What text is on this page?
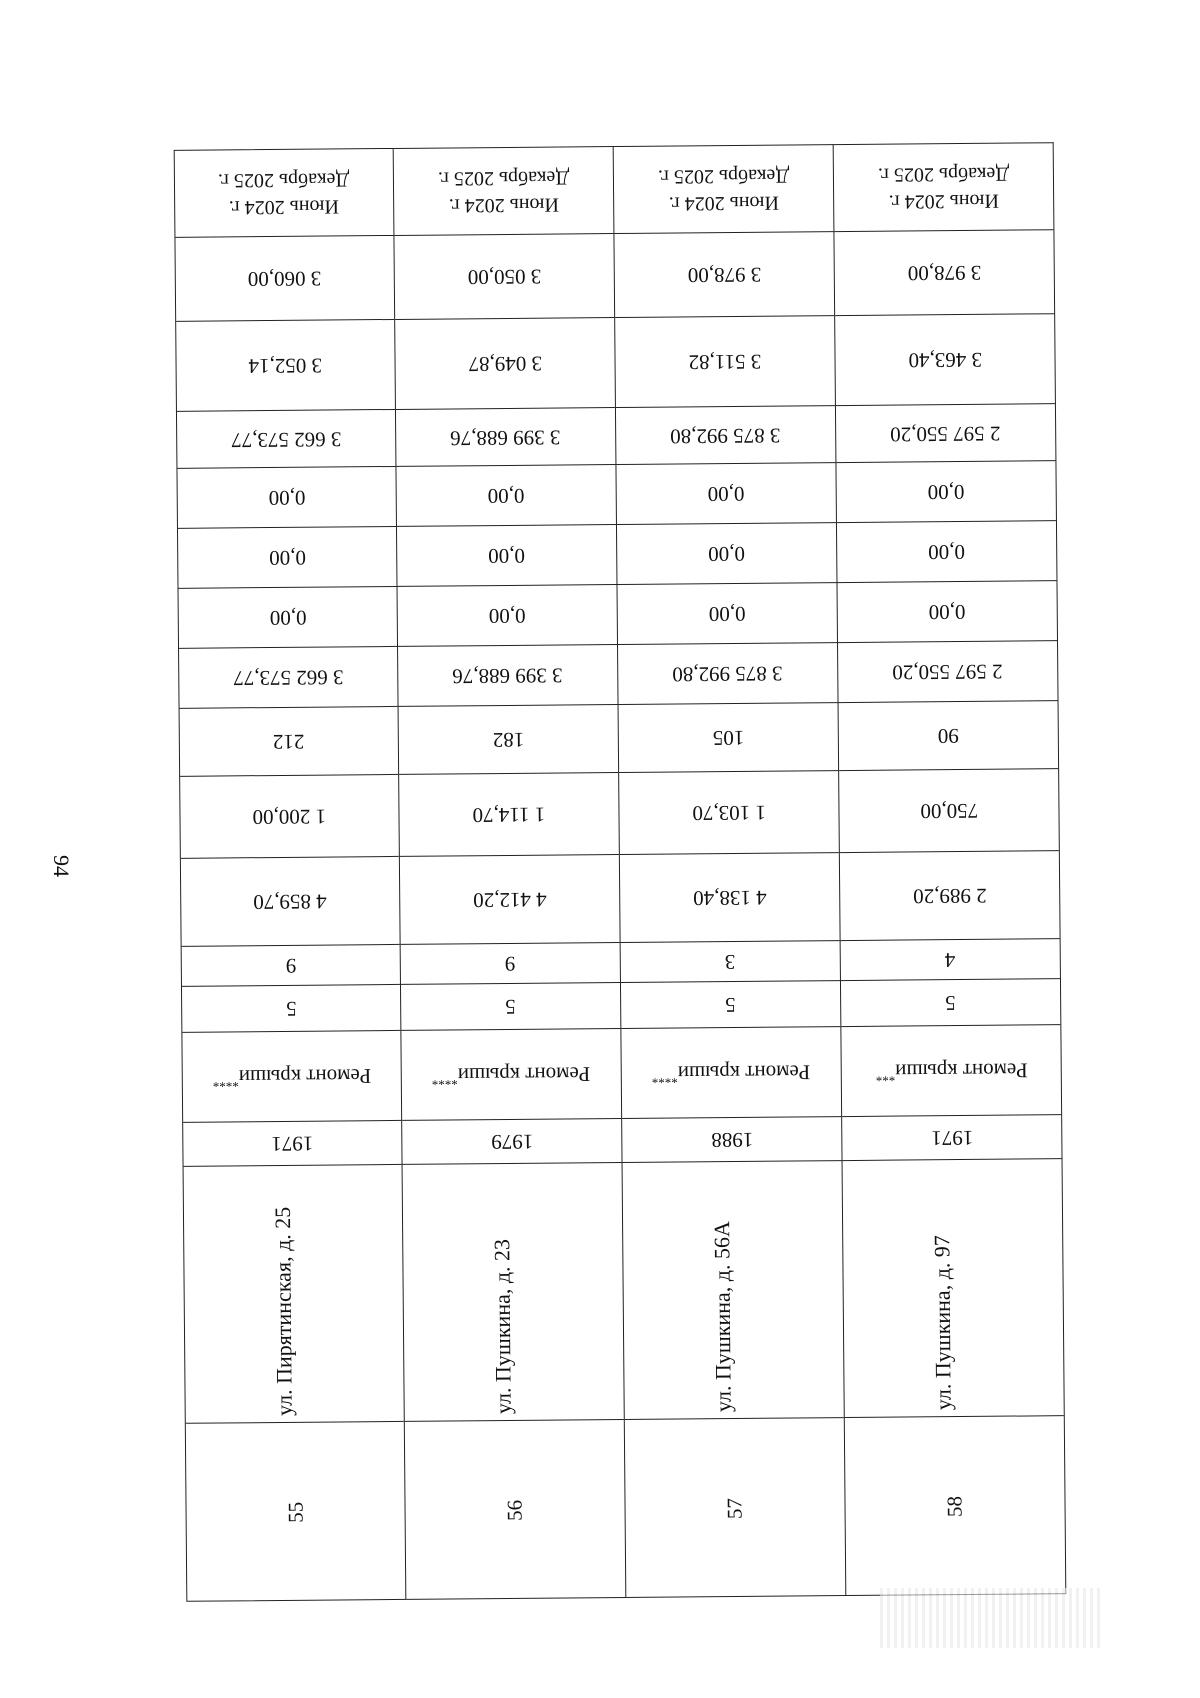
94
Июнь 2024 г.
Декабрь 2025 г.
3 060,00
3 052,14
3 662 573,77
0,00
0,00
0,00
3 662 573,77
212
1 200,00
4 859,70
9
5
Ремонт крыши****
1971
ул. Пирятинская, д. 25
55
Июнь 2024 г.
Декабрь 2025 г.
3 050,00
3 049,87
3 399 688,76
0,00
0,00
0,00
3 399 688,76
182
1 114,70
4 412,20
9
5
Ремонт крыши****
1979
ул. Пушкина, д. 23
56
Июнь 2024 г.
Декабрь 2025 г.
3 978,00
3 511,82
3 875 992,80
0,00
0,00
0,00
3 875 992,80
105
1 103,70
4 138,40
3
5
Ремонт крыши****
1988
ул. Пушкина, д. 56А
57
Июнь 2024 г.
Декабрь 2025 г.
3 978,00
3 463,40
2 597 550,20
0,00
0,00
0,00
2 597 550,20
90
750,00
2 989,20
4
5
Ремонт крыши***
1971
ул. Пушкина, д. 97
58
